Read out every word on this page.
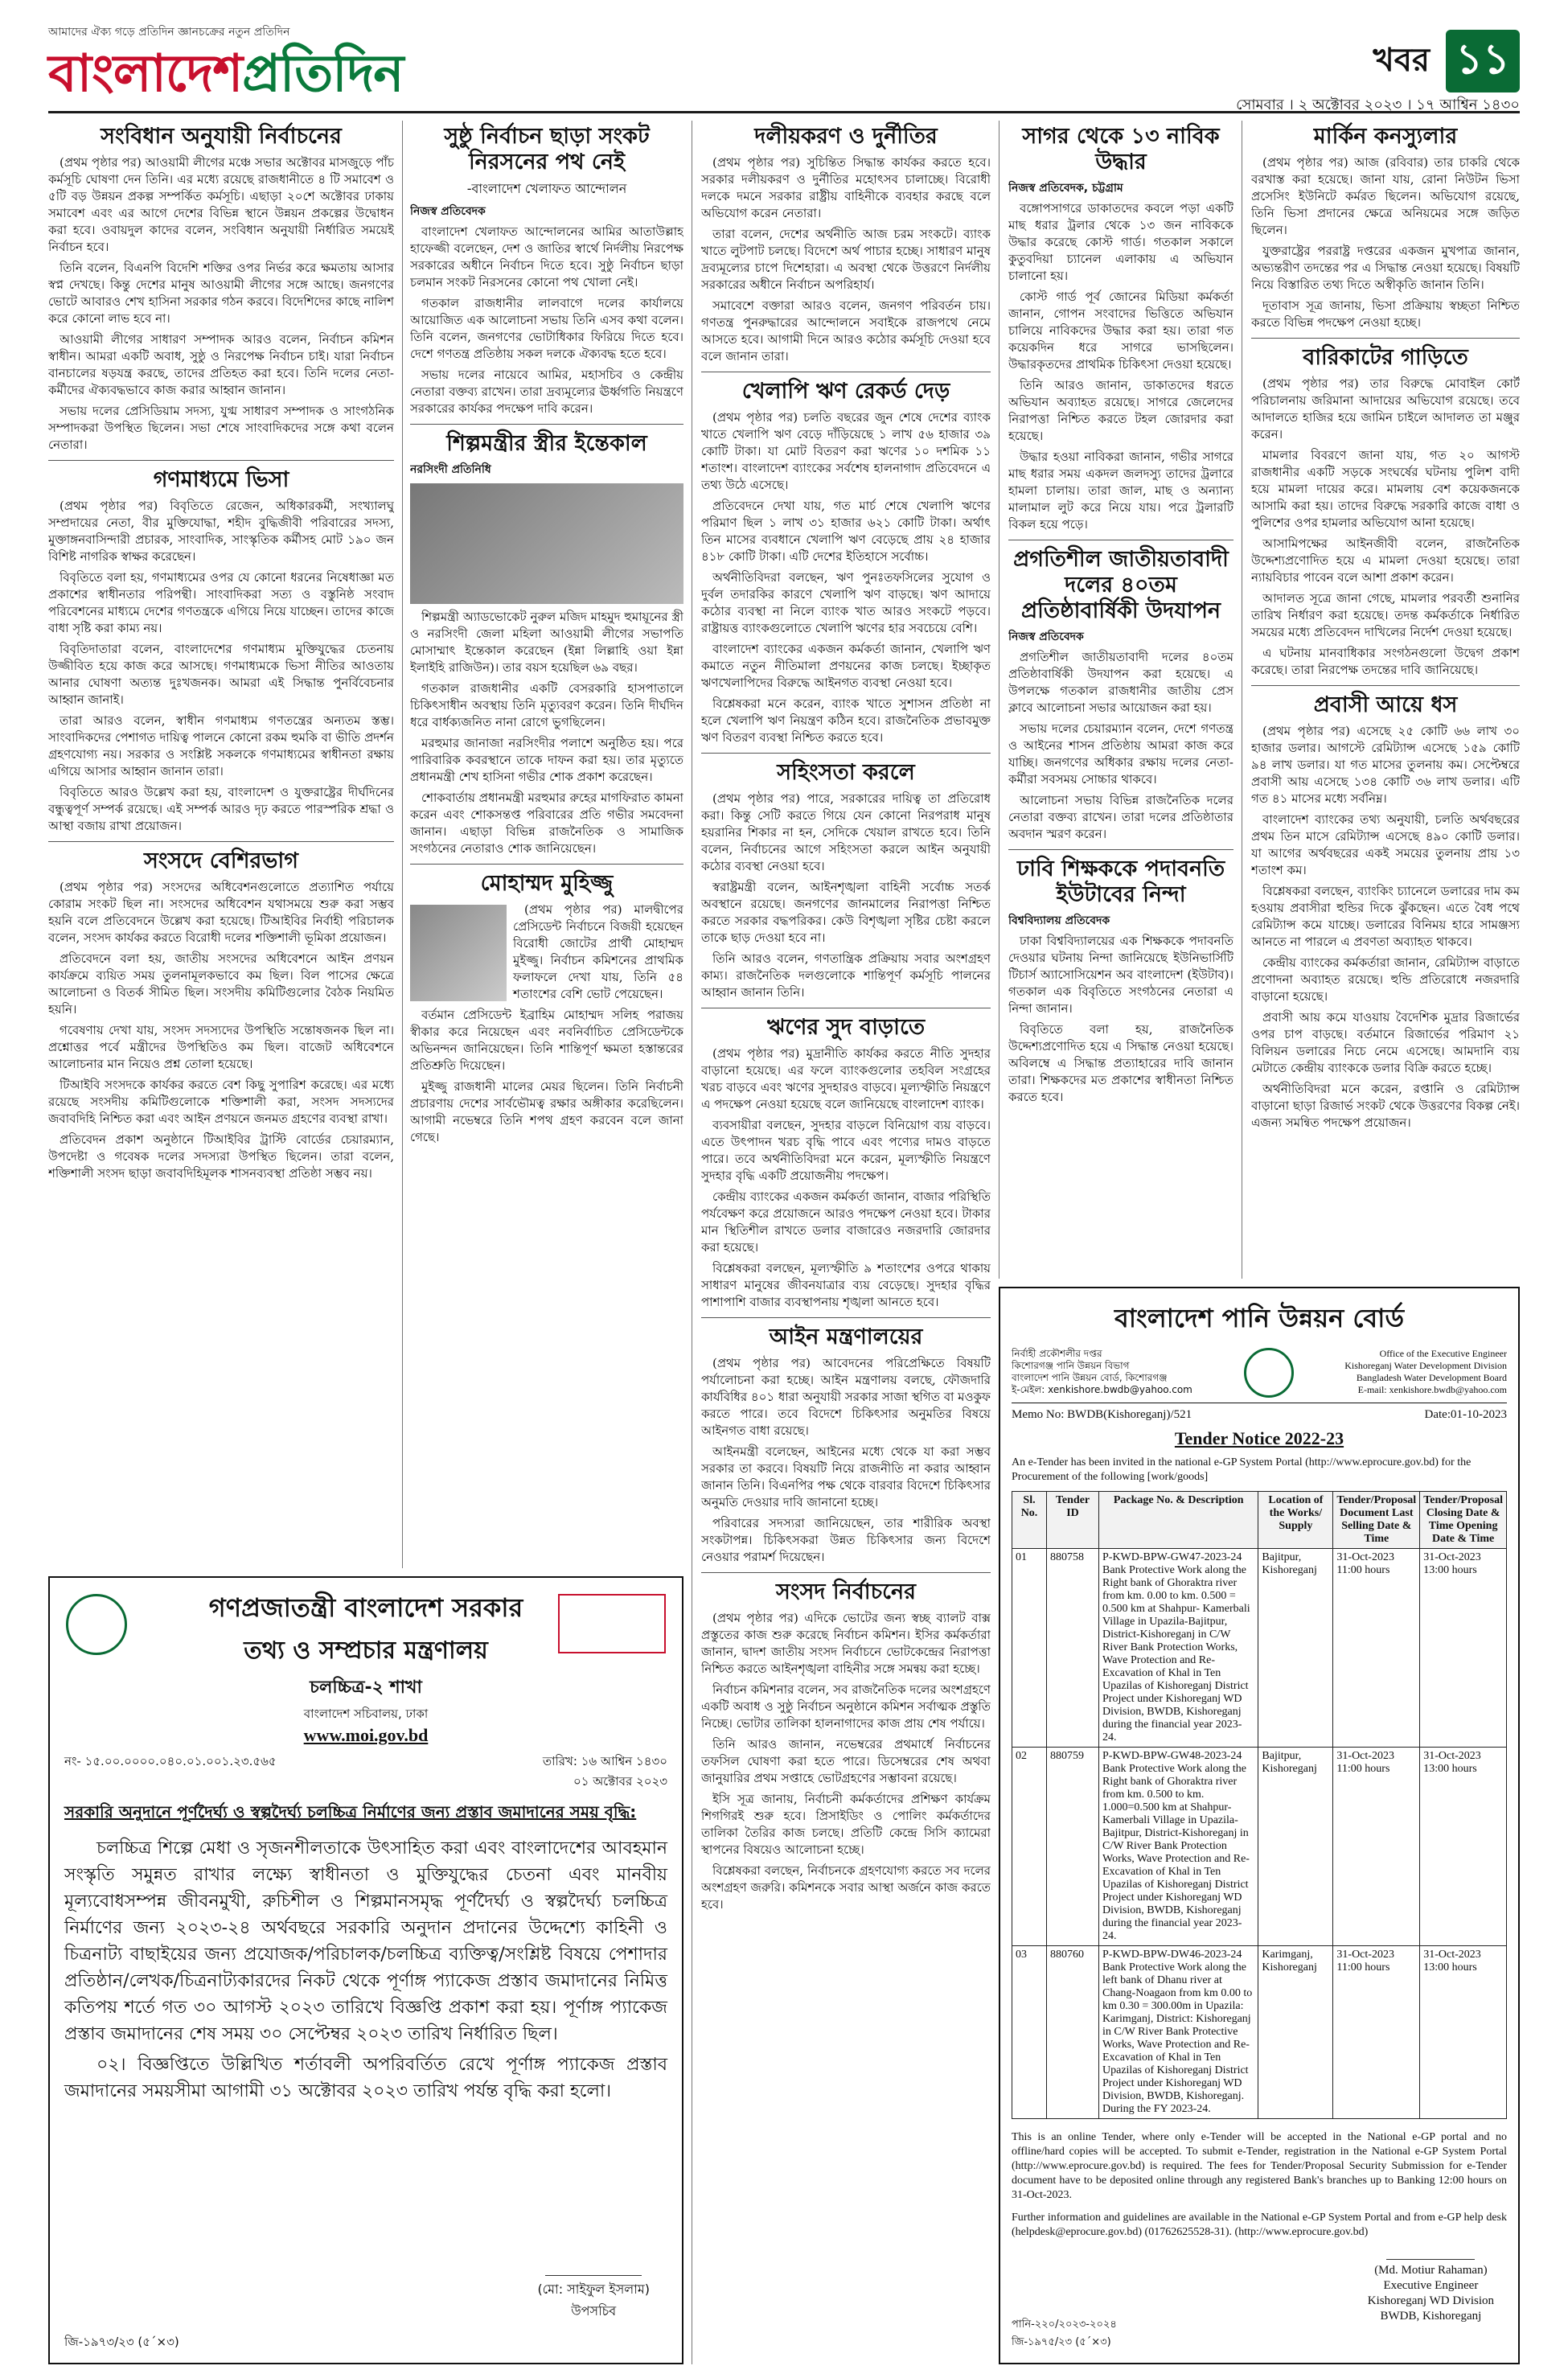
আমাদের ঐক্য গড়ে প্রতিদিন জ্ঞানচক্রের নতুন প্রতিদিন
বাংলাদেশপ্রতিদিন	খবর ১১
সোমবার । ২ অক্টোবর ২০২৩ । ১৭ আশ্বিন ১৪৩০
সংবিধান অনুযায়ী নির্বাচনের

(প্রথম পৃষ্ঠার পর) আওয়ামী লীগের মঞ্চে সভার অক্টোবর মাসজুড়ে পাঁচ কর্মসূচি ঘোষণা দেন তিনি। এর মধ্যে রয়েছে রাজধানীতে ৪ টি সমাবেশ ও ৫টি বড় উন্নয়ন প্রকল্প সম্পর্কিত কর্মসূচি। এছাড়া ২০শে অক্টোবর ঢাকায় সমাবেশ এবং এর আগে দেশের বিভিন্ন স্থানে উন্নয়ন প্রকল্পের উদ্বোধন করা হবে। ওবায়দুল কাদের বলেন, সংবিধান অনুযায়ী নির্ধারিত সময়েই নির্বাচন হবে।

তিনি বলেন, বিএনপি বিদেশি শক্তির ওপর নির্ভর করে ক্ষমতায় আসার স্বপ্ন দেখছে। কিন্তু দেশের মানুষ আওয়ামী লীগের সঙ্গে আছে। জনগণের ভোটে আবারও শেখ হাসিনা সরকার গঠন করবে। বিদেশিদের কাছে নালিশ করে কোনো লাভ হবে না।

আওয়ামী লীগের সাধারণ সম্পাদক আরও বলেন, নির্বাচন কমিশন স্বাধীন। আমরা একটি অবাধ, সুষ্ঠু ও নিরপেক্ষ নির্বাচন চাই। যারা নির্বাচন বানচালের ষড়যন্ত্র করছে, তাদের প্রতিহত করা হবে। তিনি দলের নেতা-কর্মীদের ঐক্যবদ্ধভাবে কাজ করার আহ্বান জানান।

সভায় দলের প্রেসিডিয়াম সদস্য, যুগ্ম সাধারণ সম্পাদক ও সাংগঠনিক সম্পাদকরা উপস্থিত ছিলেন। সভা শেষে সাংবাদিকদের সঙ্গে কথা বলেন নেতারা।

গণমাধ্যমে ভিসা

(প্রথম পৃষ্ঠার পর) বিবৃতিতে রেজেন, অধিকারকর্মী, সংখ্যালঘু সম্প্রদায়ের নেতা, বীর মুক্তিযোদ্ধা, শহীদ বুদ্ধিজীবী পরিবারের সদস্য, মুক্তাঙ্গনবাসিন্দারী প্রচারক, সাংবাদিক, সাংস্কৃতিক কর্মীসহ মোট ১৯০ জন বিশিষ্ট নাগরিক স্বাক্ষর করেছেন।

বিবৃতিতে বলা হয়, গণমাধ্যমের ওপর যে কোনো ধরনের নিষেধাজ্ঞা মত প্রকাশের স্বাধীনতার পরিপন্থী। সাংবাদিকরা সত্য ও বস্তুনিষ্ঠ সংবাদ পরিবেশনের মাধ্যমে দেশের গণতন্ত্রকে এগিয়ে নিয়ে যাচ্ছেন। তাদের কাজে বাধা সৃষ্টি করা কাম্য নয়।

বিবৃতিদাতারা বলেন, বাংলাদেশের গণমাধ্যম মুক্তিযুদ্ধের চেতনায় উজ্জীবিত হয়ে কাজ করে আসছে। গণমাধ্যমকে ভিসা নীতির আওতায় আনার ঘোষণা অত্যন্ত দুঃখজনক। আমরা এই সিদ্ধান্ত পুনর্বিবেচনার আহ্বান জানাই।

তারা আরও বলেন, স্বাধীন গণমাধ্যম গণতন্ত্রের অন্যতম স্তম্ভ। সাংবাদিকদের পেশাগত দায়িত্ব পালনে কোনো রকম হুমকি বা ভীতি প্রদর্শন গ্রহণযোগ্য নয়। সরকার ও সংশ্লিষ্ট সকলকে গণমাধ্যমের স্বাধীনতা রক্ষায় এগিয়ে আসার আহ্বান জানান তারা।

বিবৃতিতে আরও উল্লেখ করা হয়, বাংলাদেশ ও যুক্তরাষ্ট্রের দীর্ঘদিনের বন্ধুত্বপূর্ণ সম্পর্ক রয়েছে। এই সম্পর্ক আরও দৃঢ় করতে পারস্পরিক শ্রদ্ধা ও আস্থা বজায় রাখা প্রয়োজন।

সংসদে বেশিরভাগ

(প্রথম পৃষ্ঠার পর) সংসদের অধিবেশনগুলোতে প্রত্যাশিত পর্যায়ে কোরাম সংকট ছিল না। সংসদের অধিবেশন যথাসময়ে শুরু করা সম্ভব হয়নি বলে প্রতিবেদনে উল্লেখ করা হয়েছে। টিআইবির নির্বাহী পরিচালক বলেন, সংসদ কার্যকর করতে বিরোধী দলের শক্তিশালী ভূমিকা প্রয়োজন।

প্রতিবেদনে বলা হয়, জাতীয় সংসদের অধিবেশনে আইন প্রণয়ন কার্যক্রমে ব্যয়িত সময় তুলনামূলকভাবে কম ছিল। বিল পাসের ক্ষেত্রে আলোচনা ও বিতর্ক সীমিত ছিল। সংসদীয় কমিটিগুলোর বৈঠক নিয়মিত হয়নি।

গবেষণায় দেখা যায়, সংসদ সদস্যদের উপস্থিতি সন্তোষজনক ছিল না। প্রশ্নোত্তর পর্বে মন্ত্রীদের উপস্থিতিও কম ছিল। বাজেট অধিবেশনে আলোচনার মান নিয়েও প্রশ্ন তোলা হয়েছে।

টিআইবি সংসদকে কার্যকর করতে বেশ কিছু সুপারিশ করেছে। এর মধ্যে রয়েছে সংসদীয় কমিটিগুলোকে শক্তিশালী করা, সংসদ সদস্যদের জবাবদিহি নিশ্চিত করা এবং আইন প্রণয়নে জনমত গ্রহণের ব্যবস্থা রাখা।

প্রতিবেদন প্রকাশ অনুষ্ঠানে টিআইবির ট্রাস্টি বোর্ডের চেয়ারম্যান, উপদেষ্টা ও গবেষক দলের সদস্যরা উপস্থিত ছিলেন। তারা বলেন, শক্তিশালী সংসদ ছাড়া জবাবদিহিমূলক শাসনব্যবস্থা প্রতিষ্ঠা সম্ভব নয়।

সুষ্ঠু নির্বাচন ছাড়া সংকট নিরসনের পথ নেই
-বাংলাদেশ খেলাফত আন্দোলন
নিজস্ব প্রতিবেদক

বাংলাদেশ খেলাফত আন্দোলনের আমির আতাউল্লাহ হাফেজ্জী বলেছেন, দেশ ও জাতির স্বার্থে নির্দলীয় নিরপেক্ষ সরকারের অধীনে নির্বাচন দিতে হবে। সুষ্ঠু নির্বাচন ছাড়া চলমান সংকট নিরসনের কোনো পথ খোলা নেই।

গতকাল রাজধানীর লালবাগে দলের কার্যালয়ে আয়োজিত এক আলোচনা সভায় তিনি এসব কথা বলেন। তিনি বলেন, জনগণের ভোটাধিকার ফিরিয়ে দিতে হবে। দেশে গণতন্ত্র প্রতিষ্ঠায় সকল দলকে ঐক্যবদ্ধ হতে হবে।

সভায় দলের নায়েবে আমির, মহাসচিব ও কেন্দ্রীয় নেতারা বক্তব্য রাখেন। তারা দ্রব্যমূল্যের ঊর্ধ্বগতি নিয়ন্ত্রণে সরকারের কার্যকর পদক্ষেপ দাবি করেন।

শিল্পমন্ত্রীর স্ত্রীর ইন্তেকাল
নরসিংদী প্রতিনিধি

শিল্পমন্ত্রী অ্যাডভোকেট নুরুল মজিদ মাহমুদ হুমায়ূনের স্ত্রী ও নরসিংদী জেলা মহিলা আওয়ামী লীগের সভাপতি মোসাম্মাৎ ইন্তেকাল করেছেন (ইন্না লিল্লাহি ওয়া ইন্না ইলাইহি রাজিউন)। তার বয়স হয়েছিল ৬৯ বছর।

গতকাল রাজধানীর একটি বেসরকারি হাসপাতালে চিকিৎসাধীন অবস্থায় তিনি মৃত্যুবরণ করেন। তিনি দীর্ঘদিন ধরে বার্ধক্যজনিত নানা রোগে ভুগছিলেন।

মরহুমার জানাজা নরসিংদীর পলাশে অনুষ্ঠিত হয়। পরে পারিবারিক কবরস্থানে তাকে দাফন করা হয়। তার মৃত্যুতে প্রধানমন্ত্রী শেখ হাসিনা গভীর শোক প্রকাশ করেছেন।

শোকবার্তায় প্রধানমন্ত্রী মরহুমার রুহের মাগফিরাত কামনা করেন এবং শোকসন্তপ্ত পরিবারের প্রতি গভীর সমবেদনা জানান। এছাড়া বিভিন্ন রাজনৈতিক ও সামাজিক সংগঠনের নেতারাও শোক জানিয়েছেন।

মোহাম্মদ মুহিজ্জু

(প্রথম পৃষ্ঠার পর) মালদ্বীপের প্রেসিডেন্ট নির্বাচনে বিজয়ী হয়েছেন বিরোধী জোটের প্রার্থী মোহাম্মদ মুইজ্জু। নির্বাচন কমিশনের প্রাথমিক ফলাফলে দেখা যায়, তিনি ৫৪ শতাংশের বেশি ভোট পেয়েছেন।

বর্তমান প্রেসিডেন্ট ইব্রাহিম মোহাম্মদ সলিহ পরাজয় স্বীকার করে নিয়েছেন এবং নবনির্বাচিত প্রেসিডেন্টকে অভিনন্দন জানিয়েছেন। তিনি শান্তিপূর্ণ ক্ষমতা হস্তান্তরের প্রতিশ্রুতি দিয়েছেন।

মুইজ্জু রাজধানী মালের মেয়র ছিলেন। তিনি নির্বাচনী প্রচারণায় দেশের সার্বভৌমত্ব রক্ষার অঙ্গীকার করেছিলেন। আগামী নভেম্বরে তিনি শপথ গ্রহণ করবেন বলে জানা গেছে।

দলীয়করণ ও দুর্নীতির

(প্রথম পৃষ্ঠার পর) সুচিন্তিত সিদ্ধান্ত কার্যকর করতে হবে। সরকার দলীয়করণ ও দুর্নীতির মহোৎসব চালাচ্ছে। বিরোধী দলকে দমনে সরকার রাষ্ট্রীয় বাহিনীকে ব্যবহার করছে বলে অভিযোগ করেন নেতারা।

তারা বলেন, দেশের অর্থনীতি আজ চরম সংকটে। ব্যাংক খাতে লুটপাট চলছে। বিদেশে অর্থ পাচার হচ্ছে। সাধারণ মানুষ দ্রব্যমূল্যের চাপে দিশেহারা। এ অবস্থা থেকে উত্তরণে নির্দলীয় সরকারের অধীনে নির্বাচন অপরিহার্য।

সমাবেশে বক্তারা আরও বলেন, জনগণ পরিবর্তন চায়। গণতন্ত্র পুনরুদ্ধারের আন্দোলনে সবাইকে রাজপথে নেমে আসতে হবে। আগামী দিনে আরও কঠোর কর্মসূচি দেওয়া হবে বলে জানান তারা।

খেলাপি ঋণ রেকর্ড দেড়

(প্রথম পৃষ্ঠার পর) চলতি বছরের জুন শেষে দেশের ব্যাংক খাতে খেলাপি ঋণ বেড়ে দাঁড়িয়েছে ১ লাখ ৫৬ হাজার ৩৯ কোটি টাকা। যা মোট বিতরণ করা ঋণের ১০ দশমিক ১১ শতাংশ। বাংলাদেশ ব্যাংকের সর্বশেষ হালনাগাদ প্রতিবেদনে এ তথ্য উঠে এসেছে।

প্রতিবেদনে দেখা যায়, গত মার্চ শেষে খেলাপি ঋণের পরিমাণ ছিল ১ লাখ ৩১ হাজার ৬২১ কোটি টাকা। অর্থাৎ তিন মাসের ব্যবধানে খেলাপি ঋণ বেড়েছে প্রায় ২৪ হাজার ৪১৮ কোটি টাকা। এটি দেশের ইতিহাসে সর্বোচ্চ।

অর্থনীতিবিদরা বলছেন, ঋণ পুনঃতফসিলের সুযোগ ও দুর্বল তদারকির কারণে খেলাপি ঋণ বাড়ছে। ঋণ আদায়ে কঠোর ব্যবস্থা না নিলে ব্যাংক খাত আরও সংকটে পড়বে। রাষ্ট্রায়ত্ত ব্যাংকগুলোতে খেলাপি ঋণের হার সবচেয়ে বেশি।

বাংলাদেশ ব্যাংকের একজন কর্মকর্তা জানান, খেলাপি ঋণ কমাতে নতুন নীতিমালা প্রণয়নের কাজ চলছে। ইচ্ছাকৃত ঋণখেলাপিদের বিরুদ্ধে আইনগত ব্যবস্থা নেওয়া হবে।

বিশ্লেষকরা মনে করেন, ব্যাংক খাতে সুশাসন প্রতিষ্ঠা না হলে খেলাপি ঋণ নিয়ন্ত্রণ কঠিন হবে। রাজনৈতিক প্রভাবমুক্ত ঋণ বিতরণ ব্যবস্থা নিশ্চিত করতে হবে।

সহিংসতা করলে

(প্রথম পৃষ্ঠার পর) পারে, সরকারের দায়িত্ব তা প্রতিরোধ করা। কিন্তু সেটি করতে গিয়ে যেন কোনো নিরপরাধ মানুষ হয়রানির শিকার না হন, সেদিকে খেয়াল রাখতে হবে। তিনি বলেন, নির্বাচনের আগে সহিংসতা করলে আইন অনুযায়ী কঠোর ব্যবস্থা নেওয়া হবে।

স্বরাষ্ট্রমন্ত্রী বলেন, আইনশৃঙ্খলা বাহিনী সর্বোচ্চ সতর্ক অবস্থানে রয়েছে। জনগণের জানমালের নিরাপত্তা নিশ্চিত করতে সরকার বদ্ধপরিকর। কেউ বিশৃঙ্খলা সৃষ্টির চেষ্টা করলে তাকে ছাড় দেওয়া হবে না।

তিনি আরও বলেন, গণতান্ত্রিক প্রক্রিয়ায় সবার অংশগ্রহণ কাম্য। রাজনৈতিক দলগুলোকে শান্তিপূর্ণ কর্মসূচি পালনের আহ্বান জানান তিনি।

ঋণের সুদ বাড়াতে

(প্রথম পৃষ্ঠার পর) মুদ্রানীতি কার্যকর করতে নীতি সুদহার বাড়ানো হয়েছে। এর ফলে ব্যাংকগুলোর তহবিল সংগ্রহের খরচ বাড়বে এবং ঋণের সুদহারও বাড়বে। মূল্যস্ফীতি নিয়ন্ত্রণে এ পদক্ষেপ নেওয়া হয়েছে বলে জানিয়েছে বাংলাদেশ ব্যাংক।

ব্যবসায়ীরা বলছেন, সুদহার বাড়লে বিনিয়োগ ব্যয় বাড়বে। এতে উৎপাদন খরচ বৃদ্ধি পাবে এবং পণ্যের দামও বাড়তে পারে। তবে অর্থনীতিবিদরা মনে করেন, মূল্যস্ফীতি নিয়ন্ত্রণে সুদহার বৃদ্ধি একটি প্রয়োজনীয় পদক্ষেপ।

কেন্দ্রীয় ব্যাংকের একজন কর্মকর্তা জানান, বাজার পরিস্থিতি পর্যবেক্ষণ করে প্রয়োজনে আরও পদক্ষেপ নেওয়া হবে। টাকার মান স্থিতিশীল রাখতে ডলার বাজারেও নজরদারি জোরদার করা হয়েছে।

বিশ্লেষকরা বলছেন, মূল্যস্ফীতি ৯ শতাংশের ওপরে থাকায় সাধারণ মানুষের জীবনযাত্রার ব্যয় বেড়েছে। সুদহার বৃদ্ধির পাশাপাশি বাজার ব্যবস্থাপনায় শৃঙ্খলা আনতে হবে।

আইন মন্ত্রণালয়ের

(প্রথম পৃষ্ঠার পর) আবেদনের পরিপ্রেক্ষিতে বিষয়টি পর্যালোচনা করা হচ্ছে। আইন মন্ত্রণালয় বলছে, ফৌজদারি কার্যবিধির ৪০১ ধারা অনুযায়ী সরকার সাজা স্থগিত বা মওকুফ করতে পারে। তবে বিদেশে চিকিৎসার অনুমতির বিষয়ে আইনগত বাধা রয়েছে।

আইনমন্ত্রী বলেছেন, আইনের মধ্যে থেকে যা করা সম্ভব সরকার তা করবে। বিষয়টি নিয়ে রাজনীতি না করার আহ্বান জানান তিনি। বিএনপির পক্ষ থেকে বারবার বিদেশে চিকিৎসার অনুমতি দেওয়ার দাবি জানানো হচ্ছে।

পরিবারের সদস্যরা জানিয়েছেন, তার শারীরিক অবস্থা সংকটাপন্ন। চিকিৎসকরা উন্নত চিকিৎসার জন্য বিদেশে নেওয়ার পরামর্শ দিয়েছেন।

সংসদ নির্বাচনের

(প্রথম পৃষ্ঠার পর) এদিকে ভোটের জন্য স্বচ্ছ ব্যালট বাক্স প্রস্তুতের কাজ শুরু করেছে নির্বাচন কমিশন। ইসির কর্মকর্তারা জানান, দ্বাদশ জাতীয় সংসদ নির্বাচনে ভোটকেন্দ্রের নিরাপত্তা নিশ্চিত করতে আইনশৃঙ্খলা বাহিনীর সঙ্গে সমন্বয় করা হচ্ছে।

নির্বাচন কমিশনার বলেন, সব রাজনৈতিক দলের অংশগ্রহণে একটি অবাধ ও সুষ্ঠু নির্বাচন অনুষ্ঠানে কমিশন সর্বাত্মক প্রস্তুতি নিচ্ছে। ভোটার তালিকা হালনাগাদের কাজ প্রায় শেষ পর্যায়ে।

তিনি আরও জানান, নভেম্বরের প্রথমার্ধে নির্বাচনের তফসিল ঘোষণা করা হতে পারে। ডিসেম্বরের শেষ অথবা জানুয়ারির প্রথম সপ্তাহে ভোটগ্রহণের সম্ভাবনা রয়েছে।

ইসি সূত্র জানায়, নির্বাচনী কর্মকর্তাদের প্রশিক্ষণ কার্যক্রম শিগগিরই শুরু হবে। প্রিসাইডিং ও পোলিং কর্মকর্তাদের তালিকা তৈরির কাজ চলছে। প্রতিটি কেন্দ্রে সিসি ক্যামেরা স্থাপনের বিষয়েও আলোচনা হচ্ছে।

বিশ্লেষকরা বলছেন, নির্বাচনকে গ্রহণযোগ্য করতে সব দলের অংশগ্রহণ জরুরি। কমিশনকে সবার আস্থা অর্জনে কাজ করতে হবে।

সাগর থেকে ১৩ নাবিক উদ্ধার
নিজস্ব প্রতিবেদক, চট্টগ্রাম

বঙ্গোপসাগরে ডাকাতদের কবলে পড়া একটি মাছ ধরার ট্রলার থেকে ১৩ জন নাবিককে উদ্ধার করেছে কোস্ট গার্ড। গতকাল সকালে কুতুবদিয়া চ্যানেল এলাকায় এ অভিযান চালানো হয়।

কোস্ট গার্ড পূর্ব জোনের মিডিয়া কর্মকর্তা জানান, গোপন সংবাদের ভিত্তিতে অভিযান চালিয়ে নাবিকদের উদ্ধার করা হয়। তারা গত কয়েকদিন ধরে সাগরে ভাসছিলেন। উদ্ধারকৃতদের প্রাথমিক চিকিৎসা দেওয়া হয়েছে।

তিনি আরও জানান, ডাকাতদের ধরতে অভিযান অব্যাহত রয়েছে। সাগরে জেলেদের নিরাপত্তা নিশ্চিত করতে টহল জোরদার করা হয়েছে।

উদ্ধার হওয়া নাবিকরা জানান, গভীর সাগরে মাছ ধরার সময় একদল জলদস্যু তাদের ট্রলারে হামলা চালায়। তারা জাল, মাছ ও অন্যান্য মালামাল লুট করে নিয়ে যায়। পরে ট্রলারটি বিকল হয়ে পড়ে।

প্রগতিশীল জাতীয়তাবাদী দলের ৪০তম প্রতিষ্ঠাবার্ষিকী উদযাপন
নিজস্ব প্রতিবেদক

প্রগতিশীল জাতীয়তাবাদী দলের ৪০তম প্রতিষ্ঠাবার্ষিকী উদযাপন করা হয়েছে। এ উপলক্ষে গতকাল রাজধানীর জাতীয় প্রেস ক্লাবে আলোচনা সভার আয়োজন করা হয়।

সভায় দলের চেয়ারম্যান বলেন, দেশে গণতন্ত্র ও আইনের শাসন প্রতিষ্ঠায় আমরা কাজ করে যাচ্ছি। জনগণের অধিকার রক্ষায় দলের নেতা-কর্মীরা সবসময় সোচ্চার থাকবে।

আলোচনা সভায় বিভিন্ন রাজনৈতিক দলের নেতারা বক্তব্য রাখেন। তারা দলের প্রতিষ্ঠাতার অবদান স্মরণ করেন।

ঢাবি শিক্ষককে পদাবনতি ইউটাবের নিন্দা
বিশ্ববিদ্যালয় প্রতিবেদক

ঢাকা বিশ্ববিদ্যালয়ের এক শিক্ষককে পদাবনতি দেওয়ার ঘটনায় নিন্দা জানিয়েছে ইউনিভার্সিটি টিচার্স অ্যাসোসিয়েশন অব বাংলাদেশ (ইউটাব)। গতকাল এক বিবৃতিতে সংগঠনের নেতারা এ নিন্দা জানান।

বিবৃতিতে বলা হয়, রাজনৈতিক উদ্দেশ্যপ্রণোদিত হয়ে এ সিদ্ধান্ত নেওয়া হয়েছে। অবিলম্বে এ সিদ্ধান্ত প্রত্যাহারের দাবি জানান তারা। শিক্ষকদের মত প্রকাশের স্বাধীনতা নিশ্চিত করতে হবে।

মার্কিন কনস্যুলার

(প্রথম পৃষ্ঠার পর) আজ (রবিবার) তার চাকরি থেকে বরখাস্ত করা হয়েছে। জানা যায়, রোনা নিউটন ভিসা প্রসেসিং ইউনিটে কর্মরত ছিলেন। অভিযোগ রয়েছে, তিনি ভিসা প্রদানের ক্ষেত্রে অনিয়মের সঙ্গে জড়িত ছিলেন।

যুক্তরাষ্ট্রের পররাষ্ট্র দপ্তরের একজন মুখপাত্র জানান, অভ্যন্তরীণ তদন্তের পর এ সিদ্ধান্ত নেওয়া হয়েছে। বিষয়টি নিয়ে বিস্তারিত তথ্য দিতে অস্বীকৃতি জানান তিনি।

দূতাবাস সূত্র জানায়, ভিসা প্রক্রিয়ায় স্বচ্ছতা নিশ্চিত করতে বিভিন্ন পদক্ষেপ নেওয়া হচ্ছে।

বারিকাটের গাড়িতে

(প্রথম পৃষ্ঠার পর) তার বিরুদ্ধে মোবাইল কোর্ট পরিচালনায় জরিমানা আদায়ের অভিযোগ রয়েছে। তবে আদালতে হাজির হয়ে জামিন চাইলে আদালত তা মঞ্জুর করেন।

মামলার বিবরণে জানা যায়, গত ২০ আগস্ট রাজধানীর একটি সড়কে সংঘর্ষের ঘটনায় পুলিশ বাদী হয়ে মামলা দায়ের করে। মামলায় বেশ কয়েকজনকে আসামি করা হয়। তাদের বিরুদ্ধে সরকারি কাজে বাধা ও পুলিশের ওপর হামলার অভিযোগ আনা হয়েছে।

আসামিপক্ষের আইনজীবী বলেন, রাজনৈতিক উদ্দেশ্যপ্রণোদিত হয়ে এ মামলা দেওয়া হয়েছে। তারা ন্যায়বিচার পাবেন বলে আশা প্রকাশ করেন।

আদালত সূত্রে জানা গেছে, মামলার পরবর্তী শুনানির তারিখ নির্ধারণ করা হয়েছে। তদন্ত কর্মকর্তাকে নির্ধারিত সময়ের মধ্যে প্রতিবেদন দাখিলের নির্দেশ দেওয়া হয়েছে।

এ ঘটনায় মানবাধিকার সংগঠনগুলো উদ্বেগ প্রকাশ করেছে। তারা নিরপেক্ষ তদন্তের দাবি জানিয়েছে।

প্রবাসী আয়ে ধস

(প্রথম পৃষ্ঠার পর) এসেছে ২৫ কোটি ৬৬ লাখ ৩০ হাজার ডলার। আগস্টে রেমিট্যান্স এসেছে ১৫৯ কোটি ৯৪ লাখ ডলার। যা গত মাসের তুলনায় কম। সেপ্টেম্বরে প্রবাসী আয় এসেছে ১৩৪ কোটি ৩৬ লাখ ডলার। এটি গত ৪১ মাসের মধ্যে সর্বনিম্ন।

বাংলাদেশ ব্যাংকের তথ্য অনুযায়ী, চলতি অর্থবছরের প্রথম তিন মাসে রেমিট্যান্স এসেছে ৪৯০ কোটি ডলার। যা আগের অর্থবছরের একই সময়ের তুলনায় প্রায় ১৩ শতাংশ কম।

বিশ্লেষকরা বলছেন, ব্যাংকিং চ্যানেলে ডলারের দাম কম হওয়ায় প্রবাসীরা হুন্ডির দিকে ঝুঁকছেন। এতে বৈধ পথে রেমিট্যান্স কমে যাচ্ছে। ডলারের বিনিময় হারে সামঞ্জস্য আনতে না পারলে এ প্রবণতা অব্যাহত থাকবে।

কেন্দ্রীয় ব্যাংকের কর্মকর্তারা জানান, রেমিট্যান্স বাড়াতে প্রণোদনা অব্যাহত রয়েছে। হুন্ডি প্রতিরোধে নজরদারি বাড়ানো হয়েছে।

প্রবাসী আয় কমে যাওয়ায় বৈদেশিক মুদ্রার রিজার্ভের ওপর চাপ বাড়ছে। বর্তমানে রিজার্ভের পরিমাণ ২১ বিলিয়ন ডলারের নিচে নেমে এসেছে। আমদানি ব্যয় মেটাতে কেন্দ্রীয় ব্যাংককে ডলার বিক্রি করতে হচ্ছে।

অর্থনীতিবিদরা মনে করেন, রপ্তানি ও রেমিট্যান্স বাড়ানো ছাড়া রিজার্ভ সংকট থেকে উত্তরণের বিকল্প নেই। এজন্য সমন্বিত পদক্ষেপ প্রয়োজন।

গণপ্রজাতন্ত্রী বাংলাদেশ সরকার
তথ্য ও সম্প্রচার মন্ত্রণালয়
চলচ্চিত্র-২ শাখা
বাংলাদেশ সচিবালয়, ঢাকা
www.moi.gov.bd
নং- ১৫.০০.০০০০.০৪০.০১.০০১.২৩.৫৬৫	তারিখ: ১৬ আশ্বিন ১৪৩০
০১ অক্টোবর ২০২৩
সরকারি অনুদানে পূর্ণদৈর্ঘ্য ও স্বল্পদৈর্ঘ্য চলচ্চিত্র নির্মাণের জন্য প্রস্তাব জমাদানের সময় বৃদ্ধি:

চলচ্চিত্র শিল্পে মেধা ও সৃজনশীলতাকে উৎসাহিত করা এবং বাংলাদেশের আবহমান সংস্কৃতি সমুন্নত রাখার লক্ষ্যে স্বাধীনতা ও মুক্তিযুদ্ধের চেতনা এবং মানবীয় মূল্যবোধসম্পন্ন জীবনমুখী, রুচিশীল ও শিল্পমানসমৃদ্ধ পূর্ণদৈর্ঘ্য ও স্বল্পদৈর্ঘ্য চলচ্চিত্র নির্মাণের জন্য ২০২৩-২৪ অর্থবছরে সরকারি অনুদান প্রদানের উদ্দেশ্যে কাহিনী ও চিত্রনাট্য বাছাইয়ের জন্য প্রযোজক/পরিচালক/চলচ্চিত্র ব্যক্তিত্ব/সংশ্লিষ্ট বিষয়ে পেশাদার প্রতিষ্ঠান/লেখক/চিত্রনাট্যকারদের নিকট থেকে পূর্ণাঙ্গ প্যাকেজ প্রস্তাব জমাদানের নিমিত্ত কতিপয় শর্তে গত ৩০ আগস্ট ২০২৩ তারিখে বিজ্ঞপ্তি প্রকাশ করা হয়। পূর্ণাঙ্গ প্যাকেজ প্রস্তাব জমাদানের শেষ সময় ৩০ সেপ্টেম্বর ২০২৩ তারিখ নির্ধারিত ছিল।

০২। বিজ্ঞপ্তিতে উল্লিখিত শর্তাবলী অপরিবর্তিত রেখে পূর্ণাঙ্গ প্যাকেজ প্রস্তাব জমাদানের সময়সীমা আগামী ৩১ অক্টোবর ২০২৩ তারিখ পর্যন্ত বৃদ্ধি করা হলো।

(মো: সাইফুল ইসলাম)
উপসচিব
জি-১৯৭৩/২৩ (৫´×৩)
বাংলাদেশ পানি উন্নয়ন বোর্ড
নির্বাহী প্রকৌশলীর দপ্তর
কিশোরগঞ্জ পানি উন্নয়ন বিভাগ
বাংলাদেশ পানি উন্নয়ন বোর্ড, কিশোরগঞ্জ
ই-মেইল: xenkishore.bwdb@yahoo.com
Office of the Executive Engineer
Kishoreganj Water Development Division
Bangladesh Water Development Board
E-mail: xenkishore.bwdb@yahoo.com
Memo No: BWDB(Kishoreganj)/521	Date:01-10-2023
Tender Notice 2022-23
An e-Tender has been invited in the national e-GP System Portal (http://www.eprocure.gov.bd) for the Procurement of the following [work/goods]
Sl. No.	Tender ID	Package No. & Description	Location of the Works/ Supply	Tender/Proposal Document Last Selling Date & Time	Tender/Proposal Closing Date & Time Opening Date & Time
01	880758	P-KWD-BPW-GW47-2023-24 Bank Protective Work along the Right bank of Ghoraktra river from km. 0.00 to km. 0.500 = 0.500 km at Shahpur- Kamerbali Village in Upazila-Bajitpur, District-Kishoreganj in C/W River Bank Protection Works, Wave Protection and Re-Excavation of Khal in Ten Upazilas of Kishoreganj District Project under Kishoreganj WD Division, BWDB, Kishoreganj during the financial year 2023-24.	Bajitpur, Kishoreganj	31-Oct-2023 11:00 hours	31-Oct-2023 13:00 hours
02	880759	P-KWD-BPW-GW48-2023-24 Bank Protective Work along the Right bank of Ghoraktra river from km. 0.500 to km. 1.000=0.500 km at Shahpur- Kamerbali Village in Upazila-Bajitpur, District-Kishoreganj in C/W River Bank Protection Works, Wave Protection and Re-Excavation of Khal in Ten Upazilas of Kishoreganj District Project under Kishoreganj WD Division, BWDB, Kishoreganj during the financial year 2023-24.	Bajitpur, Kishoreganj	31-Oct-2023 11:00 hours	31-Oct-2023 13:00 hours
03	880760	P-KWD-BPW-DW46-2023-24 Bank Protective Work along the left bank of Dhanu river at Chang-Noagaon from km 0.00 to km 0.30 = 300.00m in Upazila: Karimganj, District: Kishoreganj in C/W River Bank Protective Works, Wave Protection and Re-Excavation of Khal in Ten Upazilas of Kishoreganj District Project under Kishoreganj WD Division, BWDB, Kishoreganj. During the FY 2023-24.	Karimganj, Kishoreganj	31-Oct-2023 11:00 hours	31-Oct-2023 13:00 hours
This is an online Tender, where only e-Tender will be accepted in the National e-GP portal and no offline/hard copies will be accepted. To submit e-Tender, registration in the National e-GP System Portal (http://www.eprocure.gov.bd) is required. The fees for Tender/Proposal Security Submission for e-Tender document have to be deposited online through any registered Bank's branches up to Banking 12:00 hours on 31-Oct-2023.
Further information and guidelines are available in the National e-GP System Portal and from e-GP help desk (helpdesk@eprocure.gov.bd) (01762625528-31). (http://www.eprocure.gov.bd)
(Md. Motiur Rahaman)
Executive Engineer
Kishoreganj WD Division
BWDB, Kishoreganj
পানি-২২০/২০২৩-২০২৪
জি-১৯৭৫/২৩ (৫´×৩)
